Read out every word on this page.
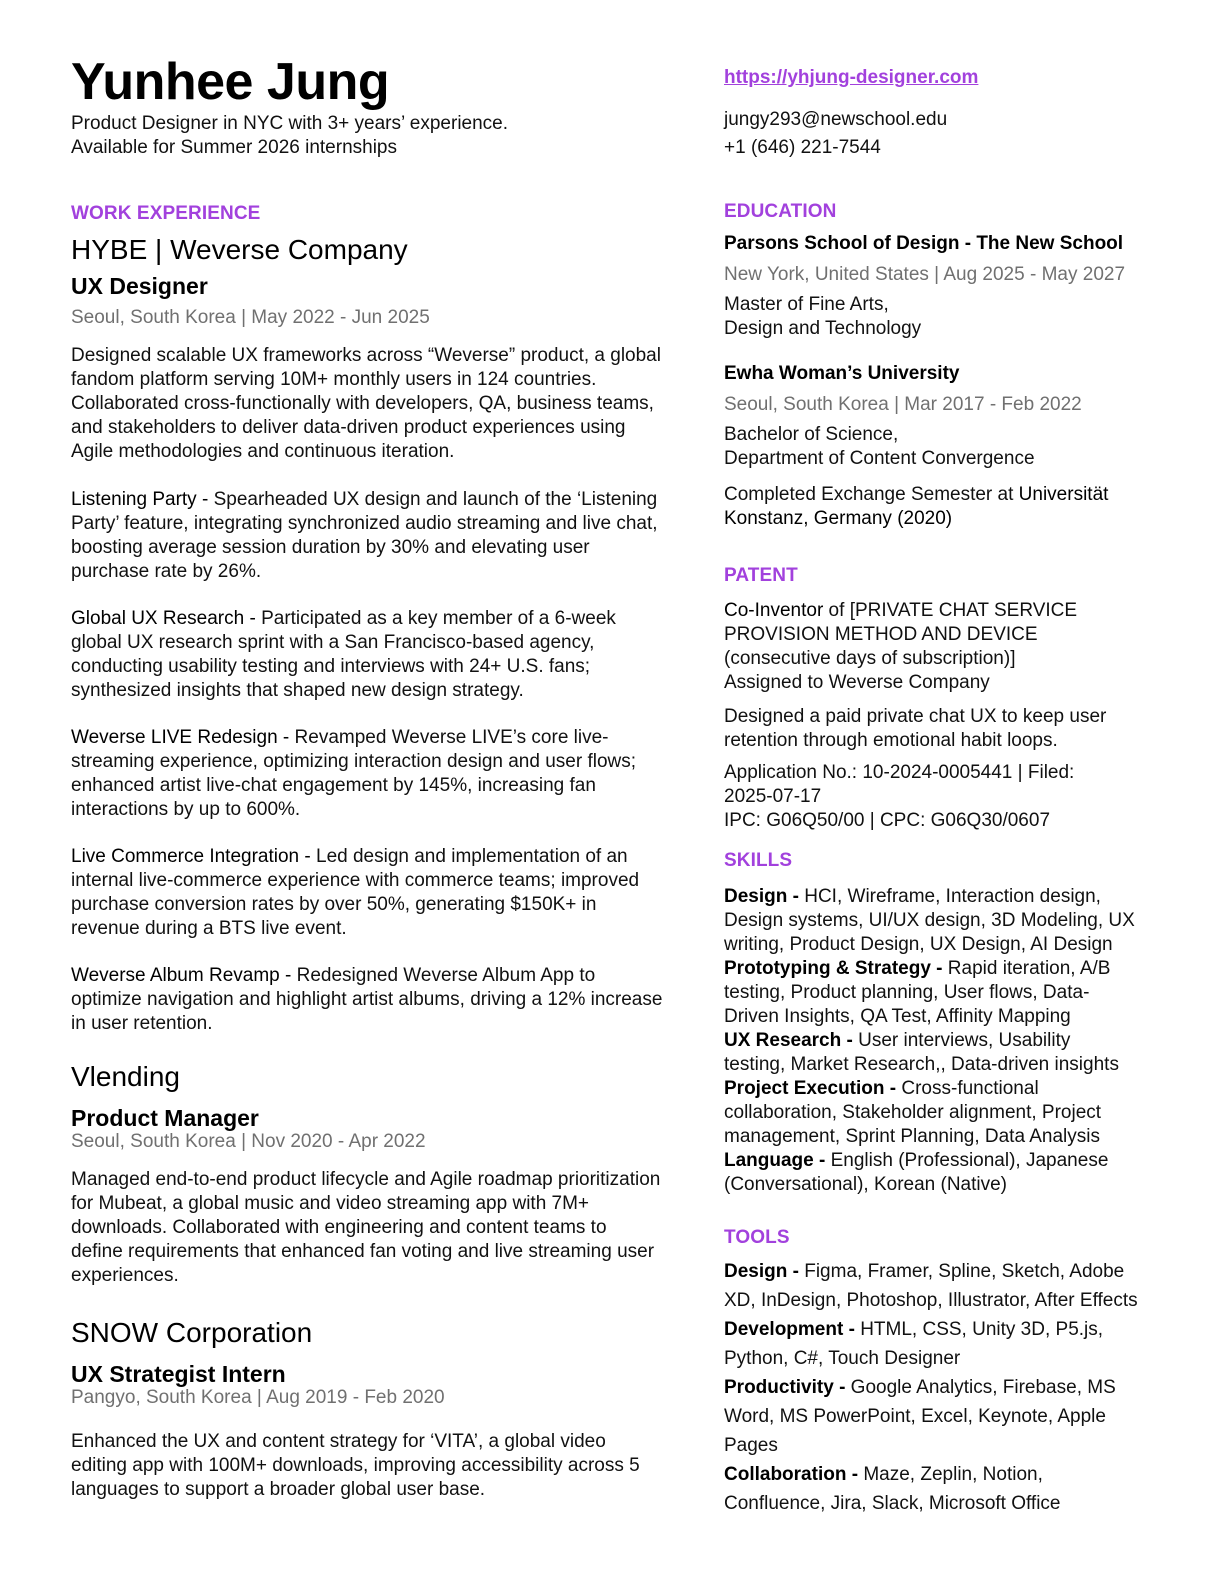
Yunhee Jung
Product Designer in NYC with 3+ years’ experience.
Available for Summer 2026 internships
WORK EXPERIENCE
HYBE | Weverse Company
UX Designer
Seoul, South Korea | May 2022 - Jun 2025
Designed scalable UX frameworks across “Weverse” product, a global
fandom platform serving 10M+ monthly users in 124 countries.
Collaborated cross-functionally with developers, QA, business teams,
and stakeholders to deliver data-driven product experiences using
Agile methodologies and continuous iteration.
Listening Party - Spearheaded UX design and launch of the ‘Listening
Party’ feature, integrating synchronized audio streaming and live chat,
boosting average session duration by 30% and elevating user
purchase rate by 26%.
Global UX Research - Participated as a key member of a 6-week
global UX research sprint with a San Francisco-based agency,
conducting usability testing and interviews with 24+ U.S. fans;
synthesized insights that shaped new design strategy.
Weverse LIVE Redesign - Revamped Weverse LIVE’s core live-
streaming experience, optimizing interaction design and user flows;
enhanced artist live-chat engagement by 145%, increasing fan
interactions by up to 600%.
Live Commerce Integration - Led design and implementation of an
internal live-commerce experience with commerce teams; improved
purchase conversion rates by over 50%, generating $150K+ in
revenue during a BTS live event.
Weverse Album Revamp - Redesigned Weverse Album App to
optimize navigation and highlight artist albums, driving a 12% increase
in user retention.
Vlending
Product Manager
Seoul, South Korea | Nov 2020 - Apr 2022
Managed end-to-end product lifecycle and Agile roadmap prioritization
for Mubeat, a global music and video streaming app with 7M+
downloads. Collaborated with engineering and content teams to
define requirements that enhanced fan voting and live streaming user
experiences.
SNOW Corporation
UX Strategist Intern
Pangyo, South Korea | Aug 2019 - Feb 2020
Enhanced the UX and content strategy for ‘VITA’, a global video
editing app with 100M+ downloads, improving accessibility across 5
languages to support a broader global user base.
https://yhjung-designer.com
jungy293@newschool.edu
+1 (646) 221-7544
EDUCATION
Parsons School of Design - The New School
New York, United States | Aug 2025 - May 2027
Master of Fine Arts,
Design and Technology
Ewha Woman’s University
Seoul, South Korea | Mar 2017 - Feb 2022
Bachelor of Science,
Department of Content Convergence
Completed Exchange Semester at Universität
Konstanz, Germany (2020)
PATENT
Co-Inventor of [PRIVATE CHAT SERVICE
PROVISION METHOD AND DEVICE
(consecutive days of subscription)]
Assigned to Weverse Company
Designed a paid private chat UX to keep user
retention through emotional habit loops.
Application No.: 10-2024-0005441 | Filed:
2025-07-17
IPC: G06Q50/00 | CPC: G06Q30/0607
SKILLS
Design - HCI, Wireframe, Interaction design,
Design systems, UI/UX design, 3D Modeling, UX
writing, Product Design, UX Design, AI Design
Prototyping & Strategy - Rapid iteration, A/B
testing, Product planning, User flows, Data-
Driven Insights, QA Test, Affinity Mapping
UX Research - User interviews, Usability
testing, Market Research,, Data-driven insights
Project Execution - Cross-functional
collaboration, Stakeholder alignment, Project
management, Sprint Planning, Data Analysis
Language - English (Professional), Japanese
(Conversational), Korean (Native)
TOOLS
Design - Figma, Framer, Spline, Sketch, Adobe
XD, InDesign, Photoshop, Illustrator, After Effects
Development - HTML, CSS, Unity 3D, P5.js,
Python, C#, Touch Designer
Productivity - Google Analytics, Firebase, MS
Word, MS PowerPoint, Excel, Keynote, Apple
Pages
Collaboration - Maze, Zeplin, Notion,
Confluence, Jira, Slack, Microsoft Office
